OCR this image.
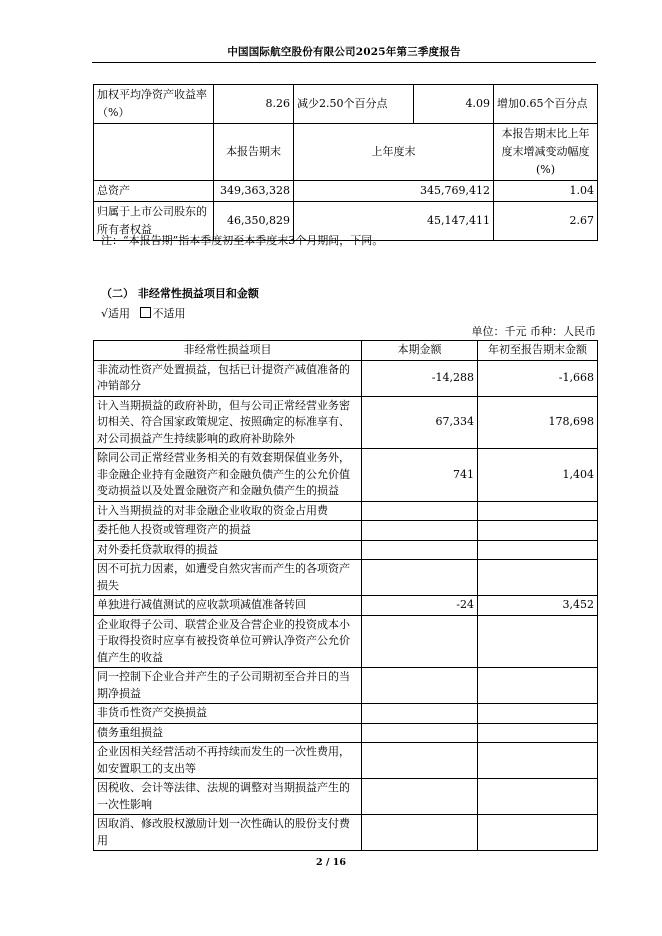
中国国际航空股份有限公司2025年第三季度报告
加权平均净资产收益率（%）	8.26	减少2.50个百分点	4.09	增加0.65个百分点
	本报告期末	上年度末		本报告期末比上年度末增减变动幅度(%)
总资产	349,363,328	345,769,412		1.04
归属于上市公司股东的所有者权益	46,350,829	45,147,411		2.67
注：“本报告期”指本季度初至本季度末3个月期间，下同。
（二） 非经常性损益项目和金额
√适用 不适用
单位：千元 币种：人民币
非经常性损益项目	本期金额	年初至报告期末金额
非流动性资产处置损益，包括已计提资产减值准备的冲销部分	-14,288	-1,668
计入当期损益的政府补助，但与公司正常经营业务密切相关、符合国家政策规定、按照确定的标准享有、对公司损益产生持续影响的政府补助除外	67,334	178,698
除同公司正常经营业务相关的有效套期保值业务外，非金融企业持有金融资产和金融负债产生的公允价值变动损益以及处置金融资产和金融负债产生的损益	741	1,404
计入当期损益的对非金融企业收取的资金占用费		
委托他人投资或管理资产的损益		
对外委托贷款取得的损益		
因不可抗力因素，如遭受自然灾害而产生的各项资产损失		
单独进行减值测试的应收款项减值准备转回	-24	3,452
企业取得子公司、联营企业及合营企业的投资成本小于取得投资时应享有被投资单位可辨认净资产公允价值产生的收益		
同一控制下企业合并产生的子公司期初至合并日的当期净损益		
非货币性资产交换损益		
债务重组损益		
企业因相关经营活动不再持续而发生的一次性费用，如安置职工的支出等		
因税收、会计等法律、法规的调整对当期损益产生的一次性影响		
因取消、修改股权激励计划一次性确认的股份支付费用		
2 / 16
